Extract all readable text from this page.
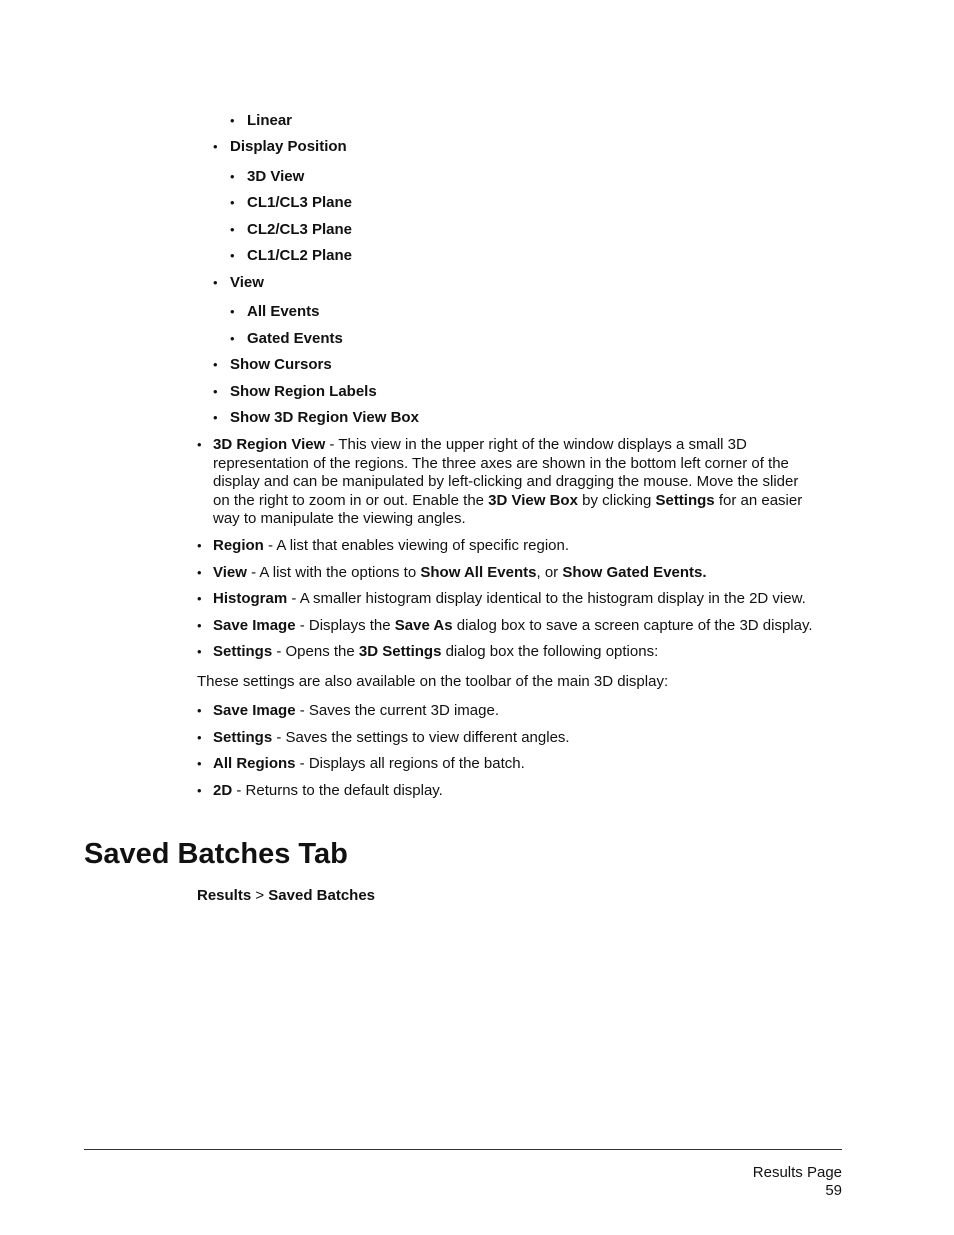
• Linear
• Display Position
• 3D View
• CL1/CL3 Plane
• CL2/CL3 Plane
• CL1/CL2 Plane
• View
• All Events
• Gated Events
• Show Cursors
• Show Region Labels
• Show 3D Region View Box
• 3D Region View - This view in the upper right of the window displays a small 3D
representation of the regions. The three axes are shown in the bottom left corner of the
display and can be manipulated by left-clicking and dragging the mouse. Move the slider
on the right to zoom in or out. Enable the 3D View Box by clicking Settings for an easier
way to manipulate the viewing angles.
• Region - A list that enables viewing of specific region.
• View - A list with the options to Show All Events, or Show Gated Events.
• Histogram - A smaller histogram display identical to the histogram display in the 2D view.
• Save Image - Displays the Save As dialog box to save a screen capture of the 3D display.
• Settings - Opens the 3D Settings dialog box the following options:
These settings are also available on the toolbar of the main 3D display:
• Save Image - Saves the current 3D image.
• Settings - Saves the settings to view different angles.
• All Regions - Displays all regions of the batch.
• 2D - Returns to the default display.
Saved Batches Tab
Results > Saved Batches
Results Page
59
